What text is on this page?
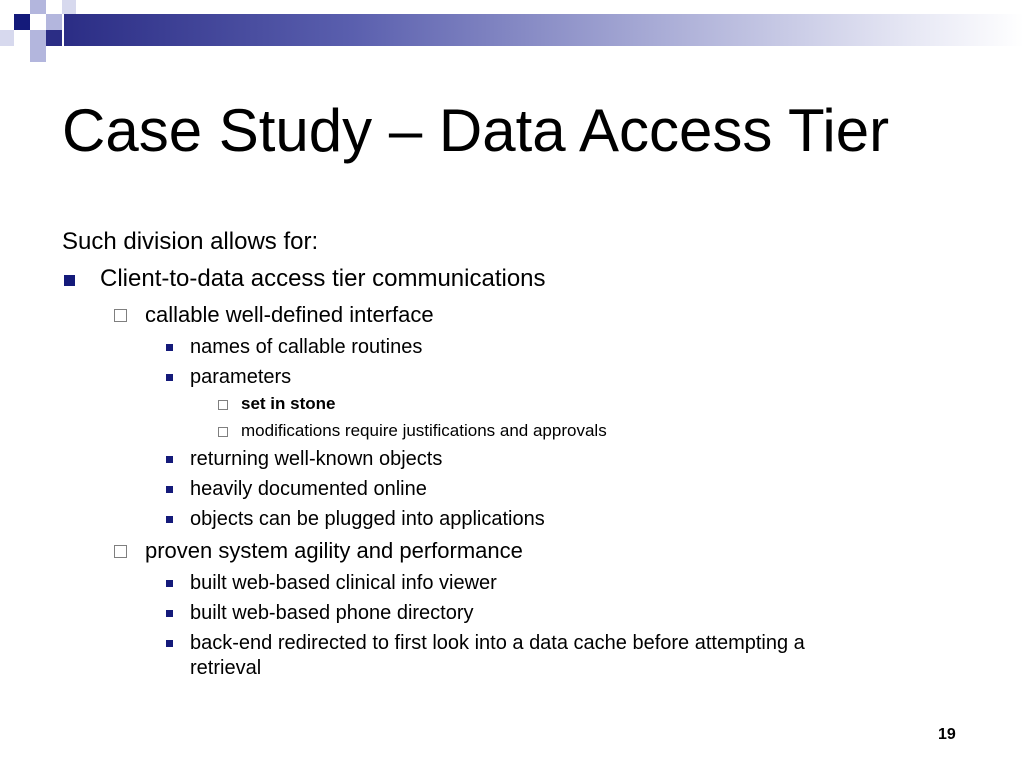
Case Study – Data Access Tier
Such division allows for:
Client-to-data access tier communications
callable well-defined interface
names of callable routines
parameters
set in stone
modifications require justifications and approvals
returning well-known objects
heavily documented online
objects can be plugged into applications
proven system agility and performance
built web-based clinical info viewer
built web-based phone directory
back-end redirected to first look into a data cache before attempting a
retrieval
19
